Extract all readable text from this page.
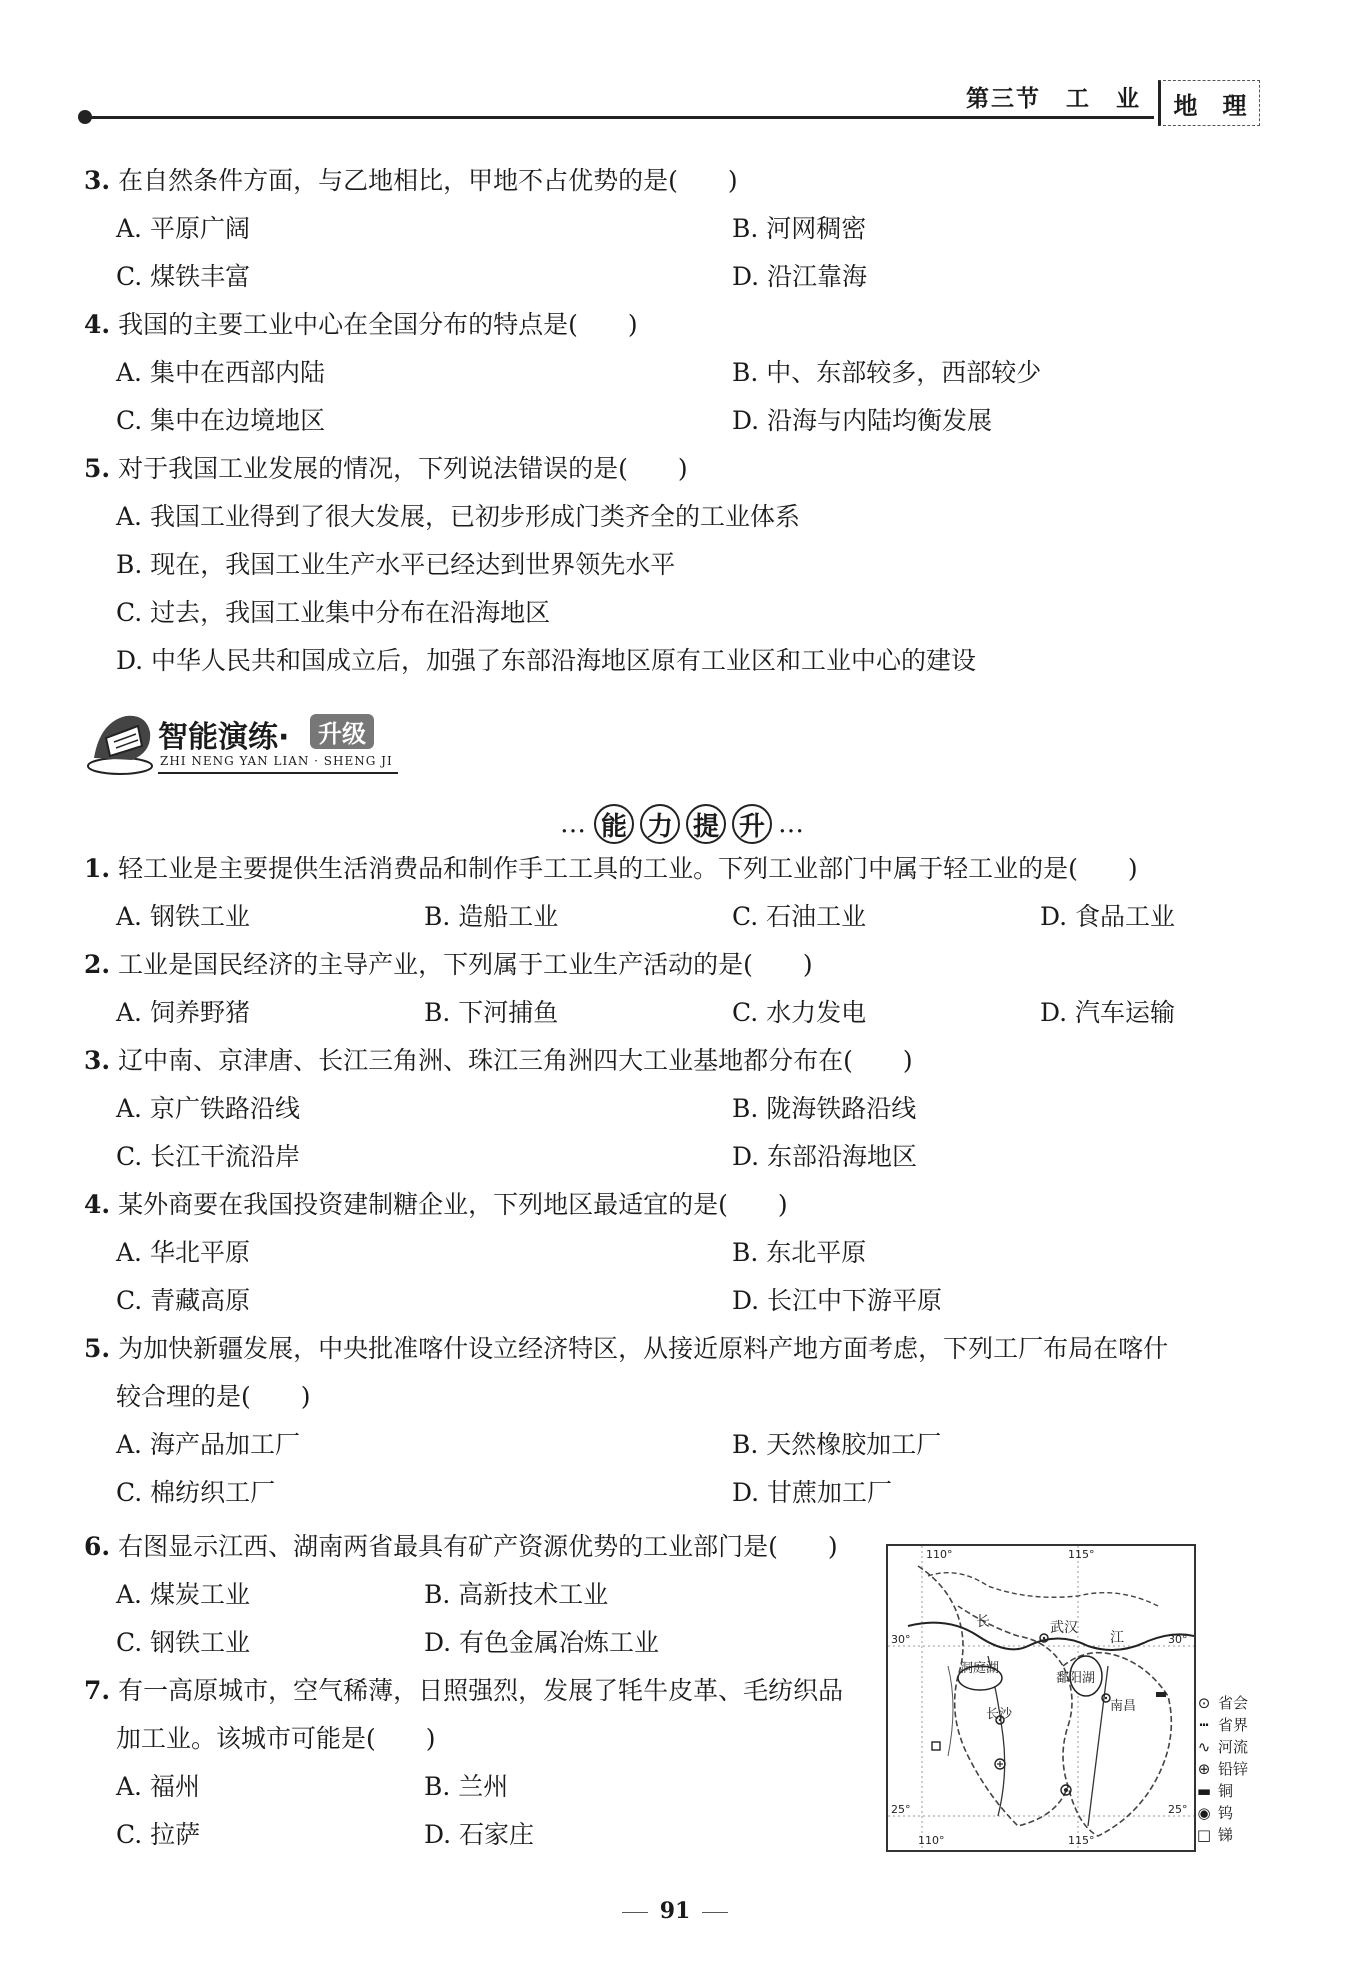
第三节　工　业 地 理
3. 在自然条件方面，与乙地相比，甲地不占优势的是(　　)
A. 平原广阔	B. 河网稠密
C. 煤铁丰富	D. 沿江靠海
4. 我国的主要工业中心在全国分布的特点是(　　)
A. 集中在西部内陆	B. 中、东部较多，西部较少
C. 集中在边境地区	D. 沿海与内陆均衡发展
5. 对于我国工业发展的情况，下列说法错误的是(　　)
A. 我国工业得到了很大发展，已初步形成门类齐全的工业体系
B. 现在，我国工业生产水平已经达到世界领先水平
C. 过去，我国工业集中分布在沿海地区
D. 中华人民共和国成立后，加强了东部沿海地区原有工业区和工业中心的建设
智能演练·	升级
ZHI NENG YAN LIAN · SHENG JI
… 能 力 提 升 …
1. 轻工业是主要提供生活消费品和制作手工工具的工业。下列工业部门中属于轻工业的是(　　)
A. 钢铁工业	B. 造船工业	C. 石油工业	D. 食品工业
2. 工业是国民经济的主导产业，下列属于工业生产活动的是(　　)
A. 饲养野猪	B. 下河捕鱼	C. 水力发电	D. 汽车运输
3. 辽中南、京津唐、长江三角洲、珠江三角洲四大工业基地都分布在(　　)
A. 京广铁路沿线	B. 陇海铁路沿线
C. 长江干流沿岸	D. 东部沿海地区
4. 某外商要在我国投资建制糖企业，下列地区最适宜的是(　　)
A. 华北平原	B. 东北平原
C. 青藏高原	D. 长江中下游平原
5. 为加快新疆发展，中央批准喀什设立经济特区，从接近原料产地方面考虑，下列工厂布局在喀什
较合理的是(　　)
A. 海产品加工厂	B. 天然橡胶加工厂
C. 棉纺织工厂	D. 甘蔗加工厂
6. 右图显示江西、湖南两省最具有矿产资源优势的工业部门是(　　)
A. 煤炭工业	B. 高新技术工业
C. 钢铁工业	D. 有色金属冶炼工业
7. 有一高原城市，空气稀薄，日照强烈，发展了牦牛皮革、毛纺织品
加工业。该城市可能是(　　)
A. 福州	B. 兰州
C. 拉萨	D. 石家庄
110°	115°
30°	30°
25°	25°
110°	115°
武汉
洞庭湖
鄱阳湖
长沙
南昌
长
江
⊙ 省会
┅ 省界
∿ 河流
⊕ 铅锌
▬ 铜
◉ 钨
□ 锑
91
